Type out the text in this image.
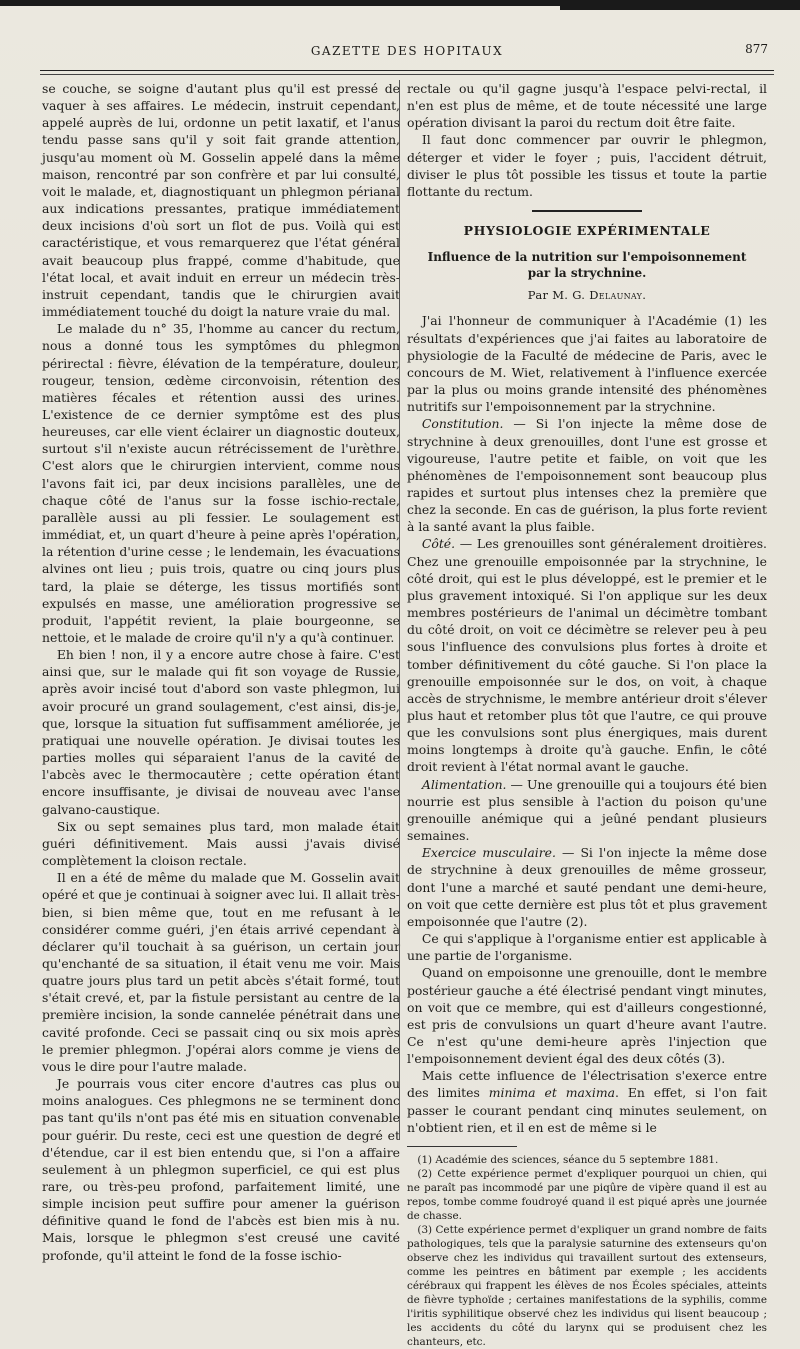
GAZETTE DES HOPITAUX	877

se couche, se soigne d'autant plus qu'il est pressé de vaquer à ses affaires. Le médecin, instruit cependant, appelé auprès de lui, ordonne un petit laxatif, et l'anus tendu passe sans qu'il y soit fait grande attention, jusqu'au moment où M. Gosselin appelé dans la même maison, rencontré par son confrère et par lui consulté, voit le malade, et, diagnostiquant un phlegmon périanal aux indications pressantes, pratique immédiatement deux incisions d'où sort un flot de pus. Voilà qui est caractéristique, et vous remarquerez que l'état général avait beaucoup plus frappé, comme d'habitude, que l'état local, et avait induit en erreur un médecin très-instruit cependant, tandis que le chirurgien avait immédiatement touché du doigt la nature vraie du mal.

Le malade du n° 35, l'homme au cancer du rectum, nous a donné tous les symptômes du phlegmon périrectal : fièvre, élévation de la température, douleur, rougeur, tension, œdème circonvoisin, rétention des matières fécales et rétention aussi des urines. L'existence de ce dernier symptôme est des plus heureuses, car elle vient éclairer un diagnostic douteux, surtout s'il n'existe aucun rétrécissement de l'urèthre. C'est alors que le chirurgien intervient, comme nous l'avons fait ici, par deux incisions parallèles, une de chaque côté de l'anus sur la fosse ischio-rectale, parallèle aussi au pli fessier. Le soulagement est immédiat, et, un quart d'heure à peine après l'opération, la rétention d'urine cesse ; le lendemain, les évacuations alvines ont lieu ; puis trois, quatre ou cinq jours plus tard, la plaie se déterge, les tissus mortifiés sont expulsés en masse, une amélioration progressive se produit, l'appétit revient, la plaie bourgeonne, se nettoie, et le malade de croire qu'il n'y a qu'à continuer.

Eh bien ! non, il y a encore autre chose à faire. C'est ainsi que, sur le malade qui fit son voyage de Russie, après avoir incisé tout d'abord son vaste phlegmon, lui avoir procuré un grand soulagement, c'est ainsi, dis-je, que, lorsque la situation fut suffisamment améliorée, je pratiquai une nouvelle opération. Je divisai toutes les parties molles qui séparaient l'anus de la cavité de l'abcès avec le thermocautère ; cette opération étant encore insuffisante, je divisai de nouveau avec l'anse galvano-caustique.

Six ou sept semaines plus tard, mon malade était guéri définitivement. Mais aussi j'avais divisé complètement la cloison rectale.

Il en a été de même du malade que M. Gosselin avait opéré et que je continuai à soigner avec lui. Il allait très-bien, si bien même que, tout en me refusant à le considérer comme guéri, j'en étais arrivé cependant à déclarer qu'il touchait à sa guérison, un certain jour qu'enchanté de sa situation, il était venu me voir. Mais quatre jours plus tard un petit abcès s'était formé, tout s'était crevé, et, par la fistule persistant au centre de la première incision, la sonde cannelée pénétrait dans une cavité profonde. Ceci se passait cinq ou six mois après le premier phlegmon. J'opérai alors comme je viens de vous le dire pour l'autre malade.

Je pourrais vous citer encore d'autres cas plus ou moins analogues. Ces phlegmons ne se terminent donc pas tant qu'ils n'ont pas été mis en situation convenable pour guérir. Du reste, ceci est une question de degré et d'étendue, car il est bien entendu que, si l'on a affaire seulement à un phlegmon superficiel, ce qui est plus rare, ou très-peu profond, parfaitement limité, une simple incision peut suffire pour amener la guérison définitive quand le fond de l'abcès est bien mis à nu. Mais, lorsque le phlegmon s'est creusé une cavité profonde, qu'il atteint le fond de la fosse ischio-

rectale ou qu'il gagne jusqu'à l'espace pelvi-rectal, il n'en est plus de même, et de toute nécessité une large opération divisant la paroi du rectum doit être faite.

Il faut donc commencer par ouvrir le phlegmon, déterger et vider le foyer ; puis, l'accident détruit, diviser le plus tôt possible les tissus et toute la partie flottante du rectum.

PHYSIOLOGIE EXPÉRIMENTALE
Influence de la nutrition sur l'empoisonnement par la strychnine.
Par M. G. Delaunay.

J'ai l'honneur de communiquer à l'Académie (1) les résultats d'expériences que j'ai faites au laboratoire de physiologie de la Faculté de médecine de Paris, avec le concours de M. Wiet, relativement à l'influence exercée par la plus ou moins grande intensité des phénomènes nutritifs sur l'empoisonnement par la strychnine.

Constitution. — Si l'on injecte la même dose de strychnine à deux grenouilles, dont l'une est grosse et vigoureuse, l'autre petite et faible, on voit que les phénomènes de l'empoisonnement sont beaucoup plus rapides et surtout plus intenses chez la première que chez la seconde. En cas de guérison, la plus forte revient à la santé avant la plus faible.

Côté. — Les grenouilles sont généralement droitières. Chez une grenouille empoisonnée par la strychnine, le côté droit, qui est le plus développé, est le premier et le plus gravement intoxiqué. Si l'on applique sur les deux membres postérieurs de l'animal un décimètre tombant du côté droit, on voit ce décimètre se relever peu à peu sous l'influence des convulsions plus fortes à droite et tomber définitivement du côté gauche. Si l'on place la grenouille empoisonnée sur le dos, on voit, à chaque accès de strychnisme, le membre antérieur droit s'élever plus haut et retomber plus tôt que l'autre, ce qui prouve que les convulsions sont plus énergiques, mais durent moins longtemps à droite qu'à gauche. Enfin, le côté droit revient à l'état normal avant le gauche.

Alimentation. — Une grenouille qui a toujours été bien nourrie est plus sensible à l'action du poison qu'une grenouille anémique qui a jeûné pendant plusieurs semaines.

Exercice musculaire. — Si l'on injecte la même dose de strychnine à deux grenouilles de même grosseur, dont l'une a marché et sauté pendant une demi-heure, on voit que cette dernière est plus tôt et plus gravement empoisonnée que l'autre (2).

Ce qui s'applique à l'organisme entier est applicable à une partie de l'organisme.

Quand on empoisonne une grenouille, dont le membre postérieur gauche a été électrisé pendant vingt minutes, on voit que ce membre, qui est d'ailleurs congestionné, est pris de convulsions un quart d'heure avant l'autre. Ce n'est qu'une demi-heure après l'injection que l'empoisonnement devient égal des deux côtés (3).

Mais cette influence de l'électrisation s'exerce entre des limites minima et maxima. En effet, si l'on fait passer le courant pendant cinq minutes seulement, on n'obtient rien, et il en est de même si le

(1) Académie des sciences, séance du 5 septembre 1881.

(2) Cette expérience permet d'expliquer pourquoi un chien, qui ne paraît pas incommodé par une piqûre de vipère quand il est au repos, tombe comme foudroyé quand il est piqué après une journée de chasse.

(3) Cette expérience permet d'expliquer un grand nombre de faits pathologiques, tels que la paralysie saturnine des extenseurs qu'on observe chez les individus qui travaillent surtout des extenseurs, comme les peintres en bâtiment par exemple ; les accidents cérébraux qui frappent les élèves de nos Écoles spéciales, atteints de fièvre typhoïde ; certaines manifestations de la syphilis, comme l'iritis syphilitique observé chez les individus qui lisent beaucoup ; les accidents du côté du larynx qui se produisent chez les chanteurs, etc.
